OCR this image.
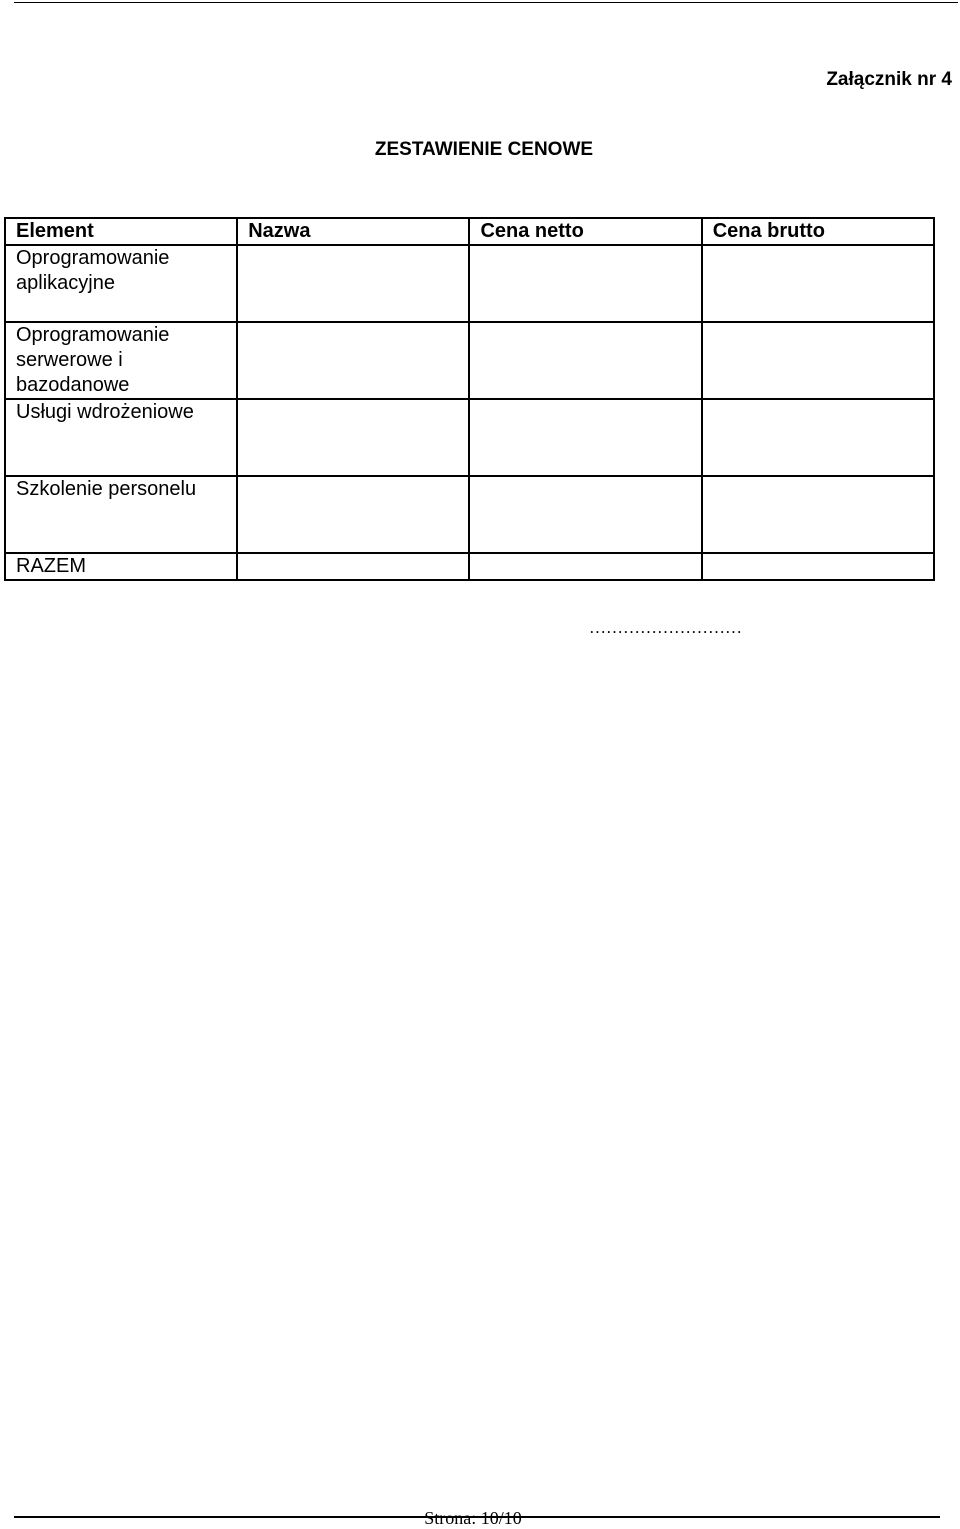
Załącznik nr 4
ZESTAWIENIE CENOWE
Element	Nazwa	Cena netto	Cena brutto
Oprogramowanie aplikacyjne			
Oprogramowanie serwerowe i bazodanowe			
Usługi wdrożeniowe			
Szkolenie personelu			
RAZEM			
………………………
Strona: 10/10
